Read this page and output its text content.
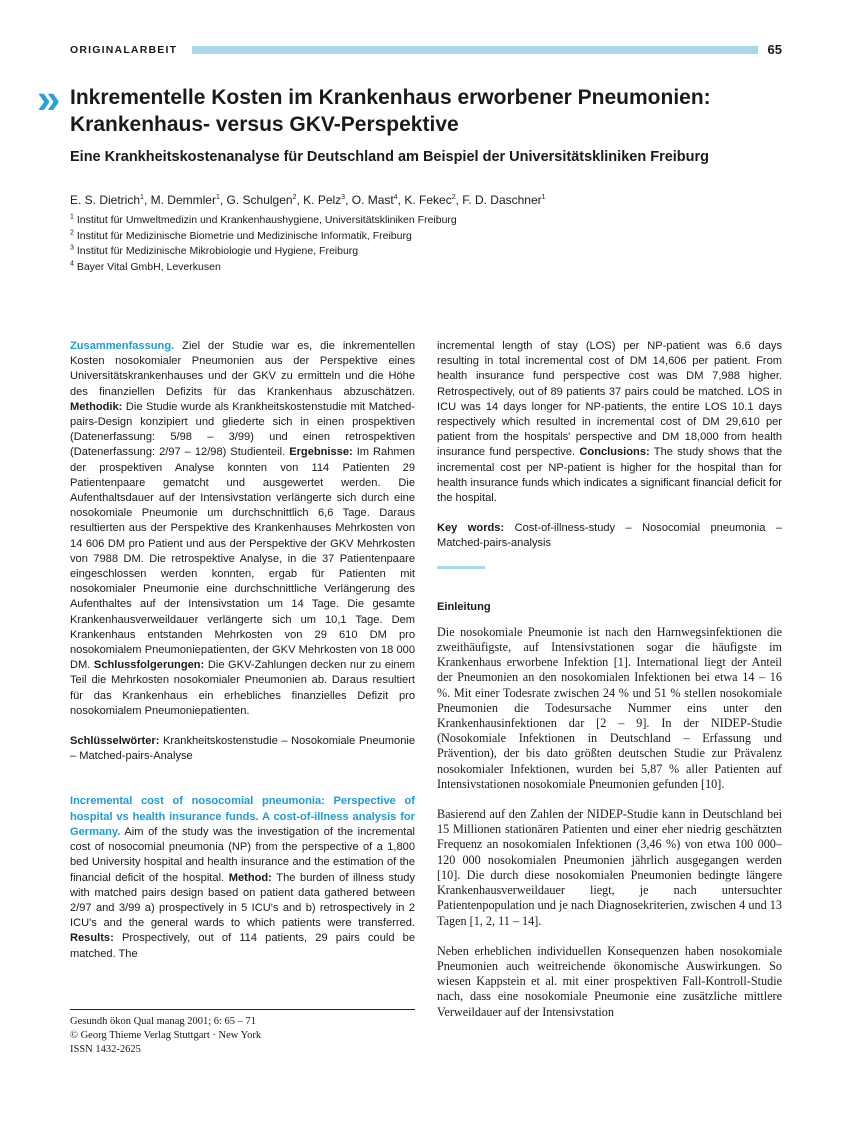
ORIGINALARBEIT	65
» Inkrementelle Kosten im Krankenhaus erworbener Pneumonien: Krankenhaus- versus GKV-Perspektive
Eine Krankheitskostenanalyse für Deutschland am Beispiel der Universitätskliniken Freiburg
E. S. Dietrich$^1$, M. Demmler$^1$, G. Schulgen$^2$, K. Pelz$^3$, O. Mast$^4$, K. Fekec$^2$, F. D. Daschner$^1$
$^1$ Institut für Umweltmedizin und Krankenhaushygiene, Universitätskliniken Freiburg
$^2$ Institut für Medizinische Biometrie und Medizinische Informatik, Freiburg
$^3$ Institut für Medizinische Mikrobiologie und Hygiene, Freiburg
$^4$ Bayer Vital GmbH, Leverkusen

Zusammenfassung. Ziel der Studie war es, die inkrementellen Kosten nosokomialer Pneumonien aus der Perspektive eines Universitätskrankenhauses und der GKV zu ermitteln und die Höhe des finanziellen Defizits für das Krankenhaus abzuschätzen. Methodik: Die Studie wurde als Krankheitskostenstudie mit Matched-pairs-Design konzipiert und gliederte sich in einen prospektiven (Datenerfassung: 5/98 – 3/99) und einen retrospektiven (Datenerfassung: 2/97 – 12/98) Studienteil. Ergebnisse: Im Rahmen der prospektiven Analyse konnten von 114 Patienten 29 Patientenpaare gematcht und ausgewertet werden. Die Aufenthaltsdauer auf der Intensivstation verlängerte sich durch eine nosokomiale Pneumonie um durchschnittlich 6,6 Tage. Daraus resultierten aus der Perspektive des Krankenhauses Mehrkosten von 14 606 DM pro Patient und aus der Perspektive der GKV Mehrkosten von 7988 DM. Die retrospektive Analyse, in die 37 Patientenpaare eingeschlossen werden konnten, ergab für Patienten mit nosokomialer Pneumonie eine durchschnittliche Verlängerung des Aufenthaltes auf der Intensivstation um 14 Tage. Die gesamte Krankenhausverweildauer verlängerte sich um 10,1 Tage. Dem Krankenhaus entstanden Mehrkosten von 29 610 DM pro nosokomialem Pneumoniepatienten, der GKV Mehrkosten von 18 000 DM. Schlussfolgerungen: Die GKV-Zahlungen decken nur zu einem Teil die Mehrkosten nosokomialer Pneumonien ab. Daraus resultiert für das Krankenhaus ein erhebliches finanzielles Defizit pro nosokomialem Pneumoniepatienten.

Schlüsselwörter: Krankheitskostenstudie – Nosokomiale Pneumonie – Matched-pairs-Analyse

Incremental cost of nosocomial pneumonia: Perspective of hospital vs health insurance funds. A cost-of-illness analysis for Germany. Aim of the study was the investigation of the incremental cost of nosocomial pneumonia (NP) from the perspective of a 1,800 bed University hospital and health insurance and the estimation of the financial deficit of the hospital. Method: The burden of illness study with matched pairs design based on patient data gathered between 2/97 and 3/99 a) prospectively in 5 ICU's and b) retrospectively in 2 ICU's and the general wards to which patients were transferred. Results: Prospectively, out of 114 patients, 29 pairs could be matched. The

incremental length of stay (LOS) per NP-patient was 6.6 days resulting in total incremental cost of DM 14,606 per patient. From health insurance fund perspective cost was DM 7,988 higher. Retrospectively, out of 89 patients 37 pairs could be matched. LOS in ICU was 14 days longer for NP-patients, the entire LOS 10.1 days respectively which resulted in incremental cost of DM 29,610 per patient from the hospitals' perspective and DM 18,000 from health insurance fund perspective. Conclusions: The study shows that the incremental cost per NP-patient is higher for the hospital than for health insurance funds which indicates a significant financial deficit for the hospital.

Key words: Cost-of-illness-study – Nosocomial pneumonia – Matched-pairs-analysis

Einleitung

Die nosokomiale Pneumonie ist nach den Harnwegsinfektionen die zweithäufigste, auf Intensivstationen sogar die häufigste im Krankenhaus erworbene Infektion [1]. International liegt der Anteil der Pneumonien an den nosokomialen Infektionen bei etwa 14 – 16 %. Mit einer Todesrate zwischen 24 % und 51 % stellen nosokomiale Pneumonien die Todesursache Nummer eins unter den Krankenhausinfektionen dar [2 – 9]. In der NIDEP-Studie (Nosokomiale Infektionen in Deutschland – Erfassung und Prävention), der bis dato größten deutschen Studie zur Prävalenz nosokomialer Infektionen, wurden bei 5,87 % aller Patienten auf Intensivstationen nosokomiale Pneumonien gefunden [10].

Basierend auf den Zahlen der NIDEP-Studie kann in Deutschland bei 15 Millionen stationären Patienten und einer eher niedrig geschätzten Frequenz an nosokomialen Infektionen (3,46 %) von etwa 100 000–120 000 nosokomialen Pneumonien jährlich ausgegangen werden [10]. Die durch diese nosokomialen Pneumonien bedingte längere Krankenhausverweildauer liegt, je nach untersuchter Patientenpopulation und je nach Diagnosekriterien, zwischen 4 und 13 Tagen [1, 2, 11 – 14].

Neben erheblichen individuellen Konsequenzen haben nosokomiale Pneumonien auch weitreichende ökonomische Auswirkungen. So wiesen Kappstein et al. mit einer prospektiven Fall-Kontroll-Studie nach, dass eine nosokomiale Pneumonie eine zusätzliche mittlere Verweildauer auf der Intensivstation

Gesundh ökon Qual manag 2001; 6: 65 – 71
© Georg Thieme Verlag Stuttgart · New York
ISSN 1432-2625
